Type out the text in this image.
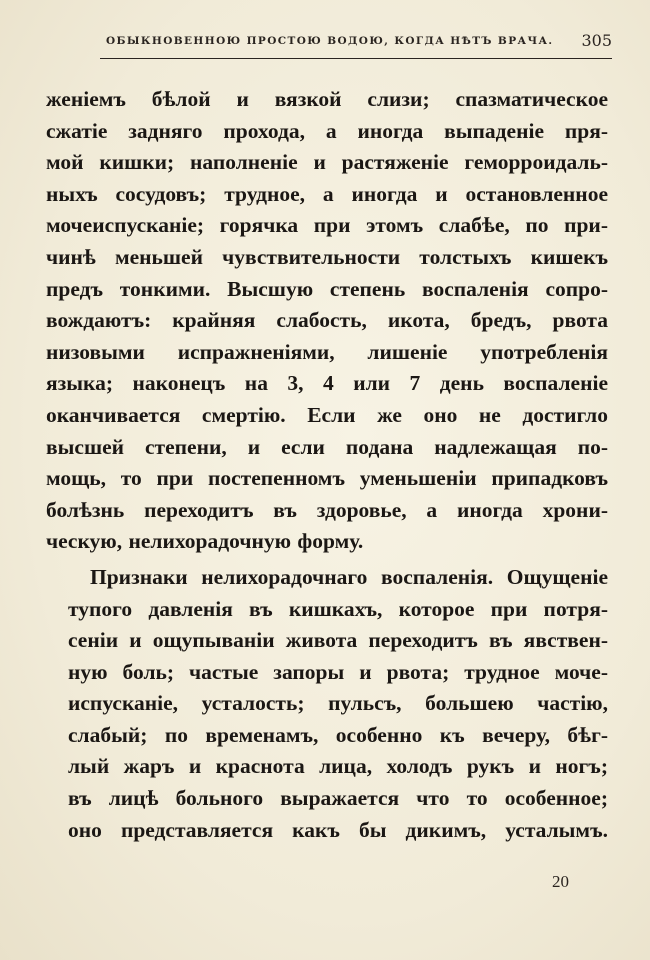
ОБЫКНОВЕННОЮ ПРОСТОЮ ВОДОЮ, КОГДА НѢТЪ ВРАЧА. 305
женіемъ бѣлой и вязкой слизи; спазматическое
сжатіе задняго прохода, а иногда выпаденіе пря-
мой кишки; наполненіе и растяженіе геморроидаль-
ныхъ сосудовъ; трудное, а иногда и остановленное
мочеиспусканіе; горячка при этомъ слабѣе, по при-
чинѣ меньшей чувствительности толстыхъ кишекъ
предъ тонкими. Высшую степень воспаленія сопро-
вождаютъ: крайняя слабость, икота, бредъ, рвота
низовыми испражненіями, лишеніе употребленія
языка; наконецъ на 3, 4 или 7 день воспаленіе
оканчивается смертію. Если же оно не достигло
высшей степени, и если подана надлежащая по-
мощь, то при постепенномъ уменьшеніи припадковъ
болѣзнь переходитъ въ здоровье, а иногда хрони-
ческую, нелихорадочную форму.
Признаки нелихорадочнаго воспаленія. Ощущеніе
тупого давленія въ кишкахъ, которое при потря-
сеніи и ощупываніи живота переходитъ въ явствен-
ную боль; частые запоры и рвота; трудное моче-
испусканіе, усталость; пульсъ, большею частію,
слабый; по временамъ, особенно къ вечеру, бѣг-
лый жаръ и краснота лица, холодъ рукъ и ногъ;
въ лицѣ больного выражается что то особенное;
оно представляется какъ бы дикимъ, усталымъ.
20
